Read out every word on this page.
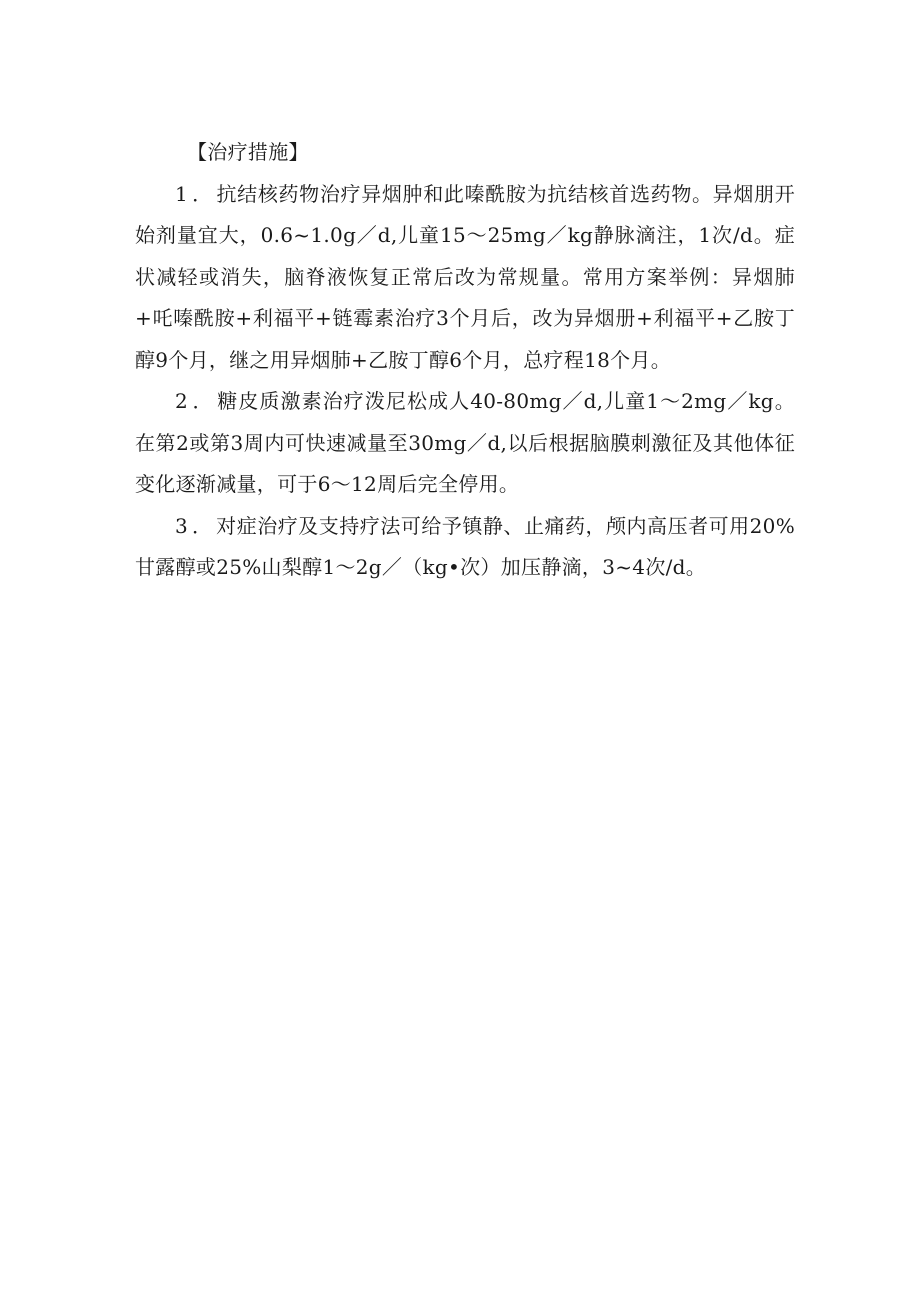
【治疗措施】

1．抗结核药物治疗异烟肿和此嗪酰胺为抗结核首选药物。异烟朋开始剂量宜大，0.6~1.0g／d,儿童15～25mg／kg静脉滴注，1次/d。症状减轻或消失，脑脊液恢复正常后改为常规量。常用方案举例：异烟肺+吒嗪酰胺+利福平+链霉素治疗3个月后，改为异烟册+利福平+乙胺丁醇9个月，继之用异烟肺+乙胺丁醇6个月，总疗程18个月。

2．糖皮质激素治疗泼尼松成人40-80mg／d,儿童1～2mg／kg。在第2或第3周内可快速减量至30mg／d,以后根据脑膜刺激征及其他体征变化逐渐减量，可于6～12周后完全停用。

3．对症治疗及支持疗法可给予镇静、止痛药，颅内高压者可用20%甘露醇或25%山梨醇1～2g／（kg•次）加压静滴，3~4次/d。
